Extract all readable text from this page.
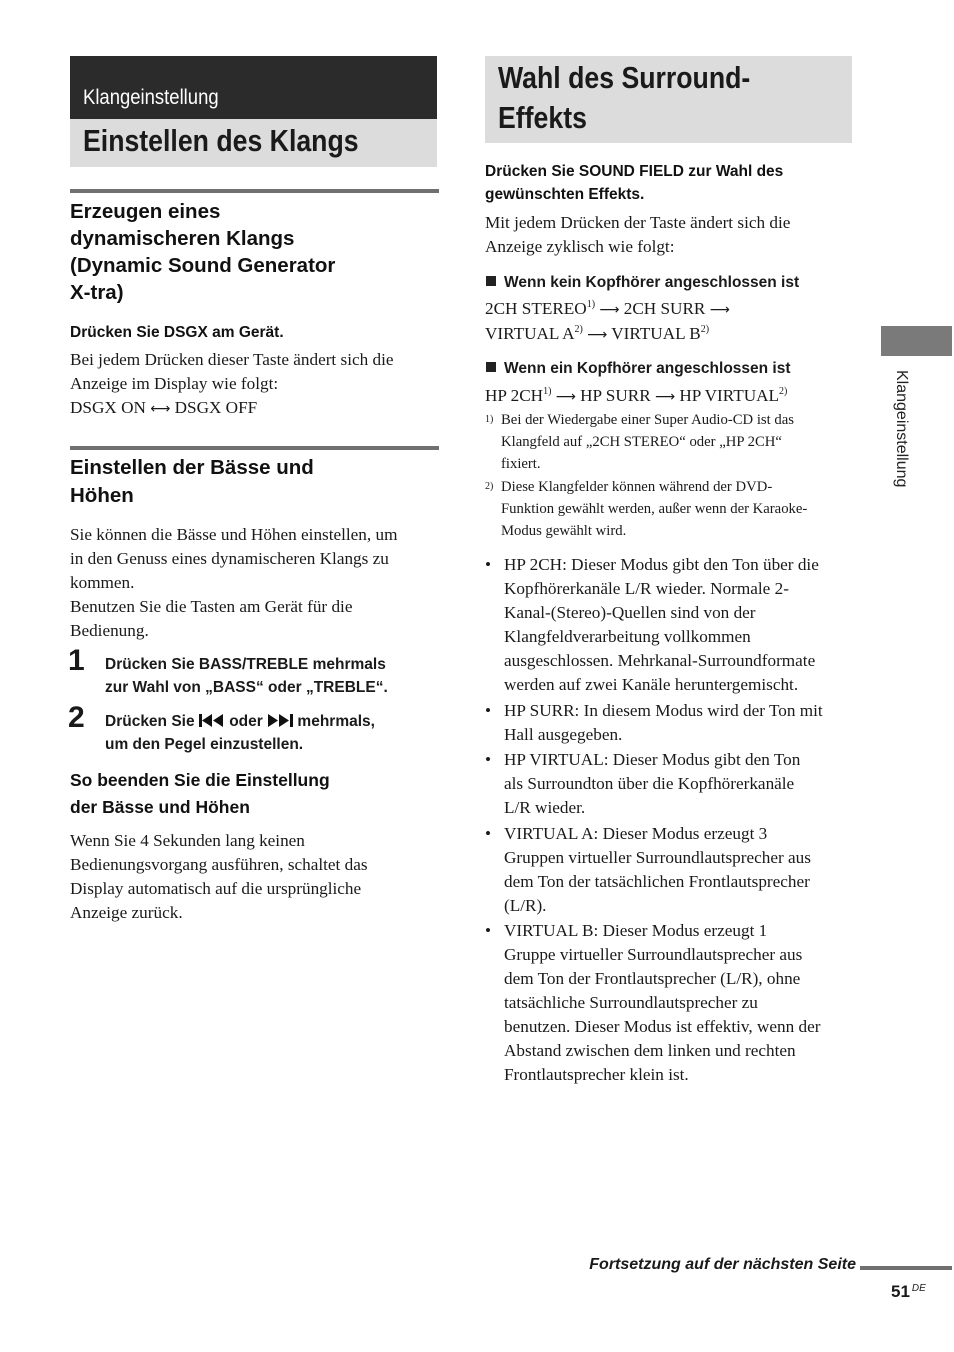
Klangeinstellung
Einstellen des Klangs
Erzeugen eines
dynamischeren Klangs
(Dynamic Sound Generator
X-tra)
Drücken Sie DSGX am Gerät.
Bei jedem Drücken dieser Taste ändert sich die
Anzeige im Display wie folgt:
DSGX ON ⟷ DSGX OFF
Einstellen der Bässe und
Höhen
Sie können die Bässe und Höhen einstellen, um
in den Genuss eines dynamischeren Klangs zu
kommen.
Benutzen Sie die Tasten am Gerät für die
Bedienung.
1 Drücken Sie BASS/TREBLE mehrmals
zur Wahl von „BASS“ oder „TREBLE“.
2 Drücken Sie  oder  mehrmals,
um den Pegel einzustellen.
So beenden Sie die Einstellung
der Bässe und Höhen
Wenn Sie 4 Sekunden lang keinen
Bedienungsvorgang ausführen, schaltet das
Display automatisch auf die ursprüngliche
Anzeige zurück.
Wahl des Surround-
Effekts
Drücken Sie SOUND FIELD zur Wahl des
gewünschten Effekts.
Mit jedem Drücken der Taste ändert sich die
Anzeige zyklisch wie folgt:
Wenn kein Kopfhörer angeschlossen ist
2CH STEREO$^{1)}$ ⟶ 2CH SURR ⟶
VIRTUAL $A^{2)}$ ⟶ VIRTUAL $B^{2)}$
Wenn ein Kopfhörer angeschlossen ist
HP 2CH$^{1)}$ ⟶ HP SURR ⟶ HP VIRTUAL$^{2)}$
1) Bei der Wiedergabe einer Super Audio-CD ist das
Klangfeld auf „2CH STEREO“ oder „HP 2CH“
fixiert.
2) Diese Klangfelder können während der DVD-
Funktion gewählt werden, außer wenn der Karaoke-
Modus gewählt wird.
• HP 2CH: Dieser Modus gibt den Ton über die
Kopfhörerkanäle L/R wieder. Normale 2-
Kanal-(Stereo)-Quellen sind von der
Klangfeldverarbeitung vollkommen
ausgeschlossen. Mehrkanal-Surroundformate
werden auf zwei Kanäle heruntergemischt.
• HP SURR: In diesem Modus wird der Ton mit
Hall ausgegeben.
• HP VIRTUAL: Dieser Modus gibt den Ton
als Surroundton über die Kopfhörerkanäle
L/R wieder.
• VIRTUAL A: Dieser Modus erzeugt 3
Gruppen virtueller Surroundlautsprecher aus
dem Ton der tatsächlichen Frontlautsprecher
(L/R).
• VIRTUAL B: Dieser Modus erzeugt 1
Gruppe virtueller Surroundlautsprecher aus
dem Ton der Frontlautsprecher (L/R), ohne
tatsächliche Surroundlautsprecher zu
benutzen. Dieser Modus ist effektiv, wenn der
Abstand zwischen dem linken und rechten
Frontlautsprecher klein ist.
Klangeinstellung
Fortsetzung auf der nächsten Seite
51 $^{DE}$
